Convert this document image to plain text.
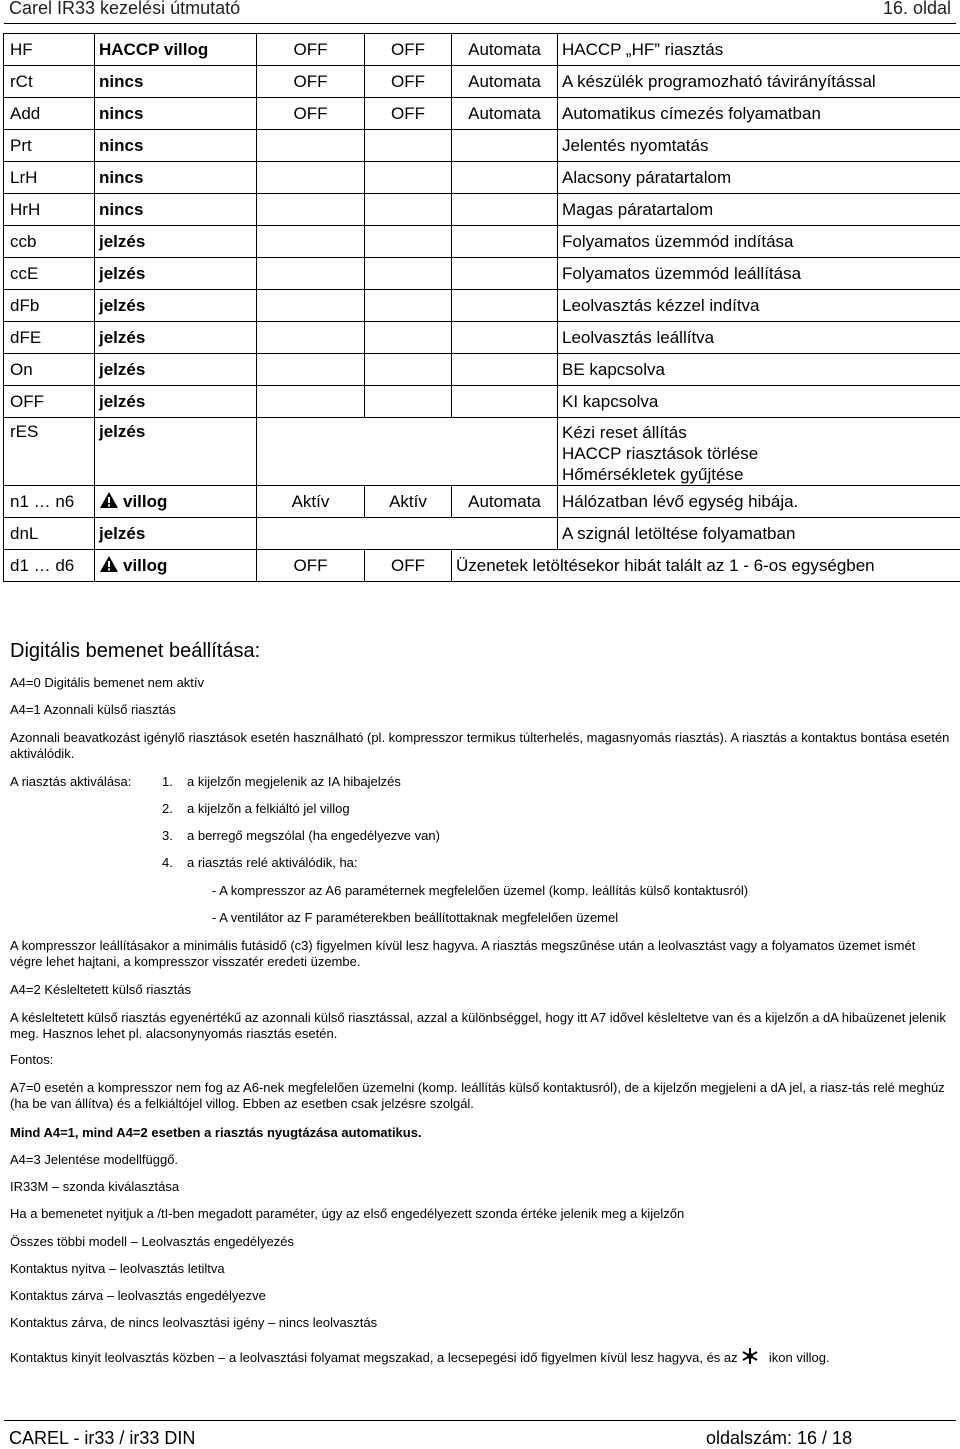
Carel IR33 kezelési útmutató	16. oldal
HF	HACCP villog	OFF	OFF	Automata	HACCP „HF” riasztás
rCt	nincs	OFF	OFF	Automata	A készülék programozható távirányítással
Add	nincs	OFF	OFF	Automata	Automatikus címezés folyamatban
Prt	nincs				Jelentés nyomtatás
LrH	nincs				Alacsony páratartalom
HrH	nincs				Magas páratartalom
ccb	jelzés				Folyamatos üzemmód indítása
ccE	jelzés				Folyamatos üzemmód leállítása
dFb	jelzés				Leolvasztás kézzel indítva
dFE	jelzés				Leolvasztás leállítva
On	jelzés				BE kapcsolva
OFF	jelzés				KI kapcsolva
rES	jelzés				Kézi reset állítás
HACCP riasztások törlése
Hőmérsékletek gyűjtése

n1 … n6	villog	Aktív	Aktív	Automata	Hálózatban lévő egység hibája.
dnL	jelzés				A szignál letöltése folyamatban
d1 … d6	villog	OFF	OFF	Üzenetek letöltésekor hibát talált az 1 - 6-os egységben	
Digitális bemenet beállítása:
A4=0 Digitális bemenet nem aktív
A4=1 Azonnali külső riasztás
Azonnali beavatkozást igénylő riasztások esetén használható (pl. kompresszor termikus túlterhelés, magasnyomás riasztás). A riasztás a kontaktus bontása esetén aktiválódik.
A riasztás aktiválása: 1. a kijelzőn megjelenik az IA hibajelzés
2. a kijelzőn a felkiáltó jel villog
3. a berregő megszólal (ha engedélyezve van)
4. a riasztás relé aktiválódik, ha:
- A kompresszor az A6 paraméternek megfelelően üzemel (komp. leállítás külső kontaktusról)
- A ventilátor az F paraméterekben beállítottaknak megfelelően üzemel
A kompresszor leállításakor a minimális futásidő (c3) figyelmen kívül lesz hagyva. A riasztás megszűnése után a leolvasztást vagy a folyamatos üzemet ismét végre lehet hajtani, a kompresszor visszatér eredeti üzembe.
A4=2 Késleltetett külső riasztás
A késleltetett külső riasztás egyenértékű az azonnali külső riasztással, azzal a különbséggel, hogy itt A7 idővel késleltetve van és a kijelzőn a dA hibaüzenet jelenik meg. Hasznos lehet pl. alacsonynyomás riasztás esetén.
Fontos:
A7=0 esetén a kompresszor nem fog az A6-nek megfelelően üzemelni (komp. leállítás külső kontaktusról), de a kijelzőn megjeleni a dA jel, a riasz-tás relé meghúz (ha be van állítva) és a felkiáltójel villog. Ebben az esetben csak jelzésre szolgál.
Mind A4=1, mind A4=2 esetben a riasztás nyugtázása automatikus.
A4=3 Jelentése modellfüggő.
IR33M – szonda kiválasztása
Ha a bemenetet nyitjuk a /tI-ben megadott paraméter, úgy az első engedélyezett szonda értéke jelenik meg a kijelzőn
Összes többi modell – Leolvasztás engedélyezés
Kontaktus nyitva – leolvasztás letiltva
Kontaktus zárva – leolvasztás engedélyezve
Kontaktus zárva, de nincs leolvasztási igény – nincs leolvasztás
Kontaktus kinyit leolvasztás közben – a leolvasztási folyamat megszakad, a lecsepegési idő figyelmen kívül lesz hagyva, és az ikon villog.
CAREL - ir33 / ir33 DIN	oldalszám: 16 / 18
